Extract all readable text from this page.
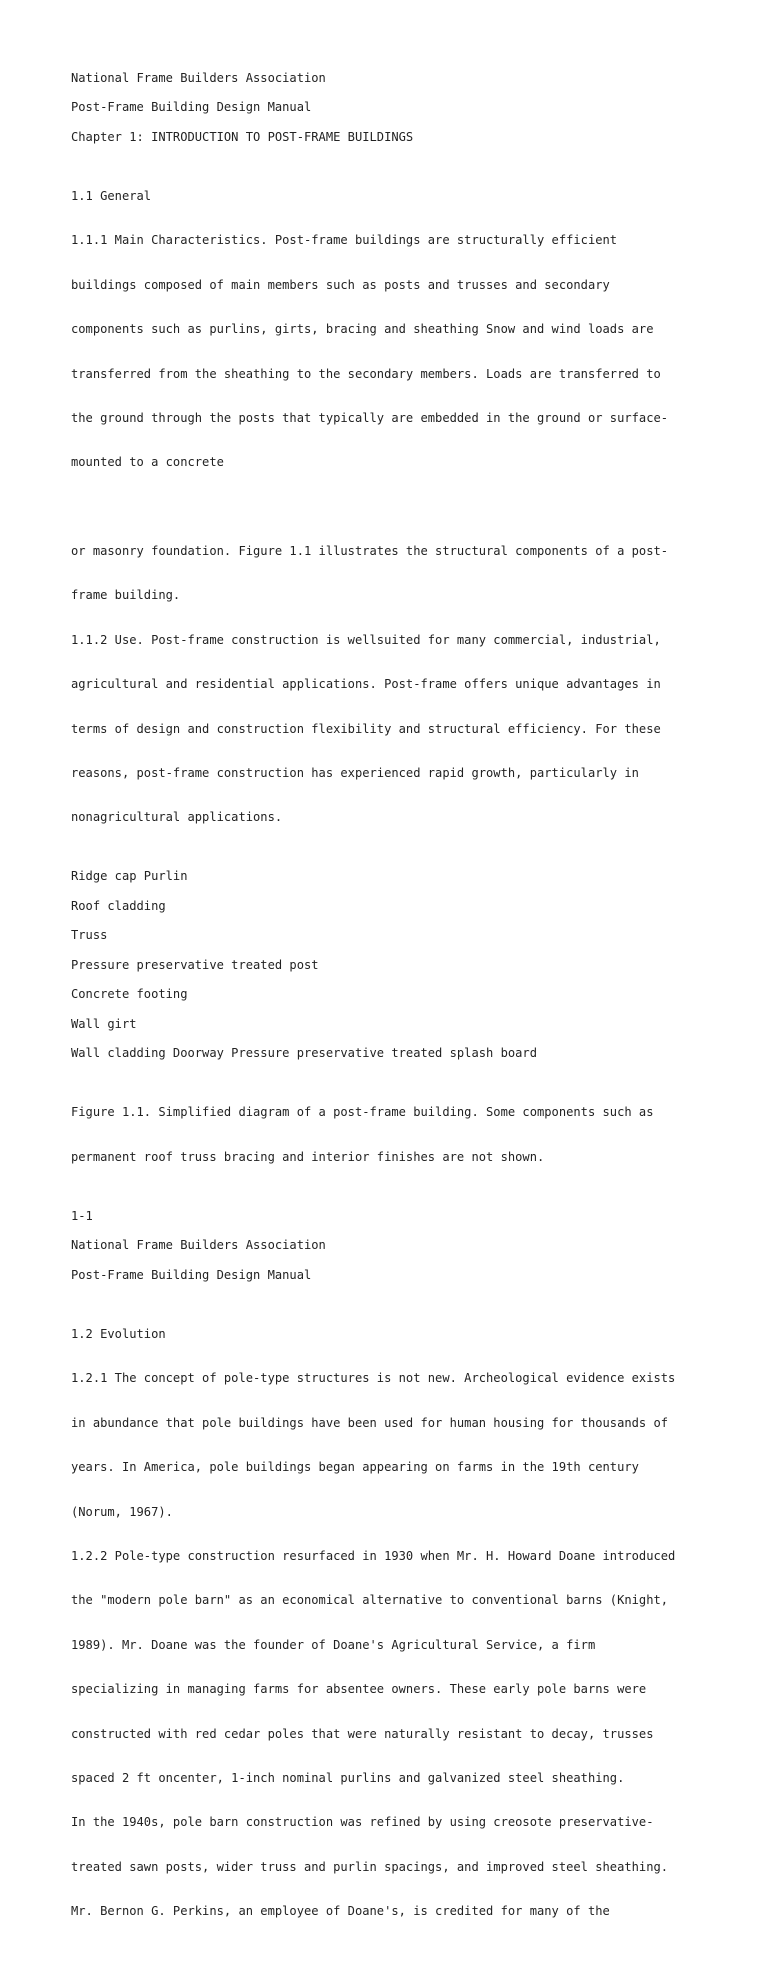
National Frame Builders Association
Post-Frame Building Design Manual
Chapter 1: INTRODUCTION TO POST-FRAME BUILDINGS

1.1 General

1.1.1 Main Characteristics. Post-frame buildings are structurally efficient

buildings composed of main members such as posts and trusses and secondary

components such as purlins, girts, bracing and sheathing Snow and wind loads are

transferred from the sheathing to the secondary members. Loads are transferred to

the ground through the posts that typically are embedded in the ground or surface-

mounted to a concrete

or masonry foundation. Figure 1.1 illustrates the structural components of a post-

frame building.

1.1.2 Use. Post-frame construction is wellsuited for many commercial, industrial,

agricultural and residential applications. Post-frame offers unique advantages in

terms of design and construction flexibility and structural efficiency. For these

reasons, post-frame construction has experienced rapid growth, particularly in

nonagricultural applications.

Ridge cap Purlin
Roof cladding
Truss
Pressure preservative treated post
Concrete footing
Wall girt
Wall cladding Doorway Pressure preservative treated splash board

Figure 1.1. Simplified diagram of a post-frame building. Some components such as

permanent roof truss bracing and interior finishes are not shown.

1-1
National Frame Builders Association
Post-Frame Building Design Manual

1.2 Evolution

1.2.1 The concept of pole-type structures is not new. Archeological evidence exists

in abundance that pole buildings have been used for human housing for thousands of

years. In America, pole buildings began appearing on farms in the 19th century

(Norum, 1967).

1.2.2 Pole-type construction resurfaced in 1930 when Mr. H. Howard Doane introduced

the "modern pole barn" as an economical alternative to conventional barns (Knight,

1989). Mr. Doane was the founder of Doane's Agricultural Service, a firm

specializing in managing farms for absentee owners. These early pole barns were

constructed with red cedar poles that were naturally resistant to decay, trusses

spaced 2 ft oncenter, 1-inch nominal purlins and galvanized steel sheathing.

In the 1940s, pole barn construction was refined by using creosote preservative-

treated sawn posts, wider truss and purlin spacings, and improved steel sheathing.

Mr. Bernon G. Perkins, an employee of Doane's, is credited for many of the
